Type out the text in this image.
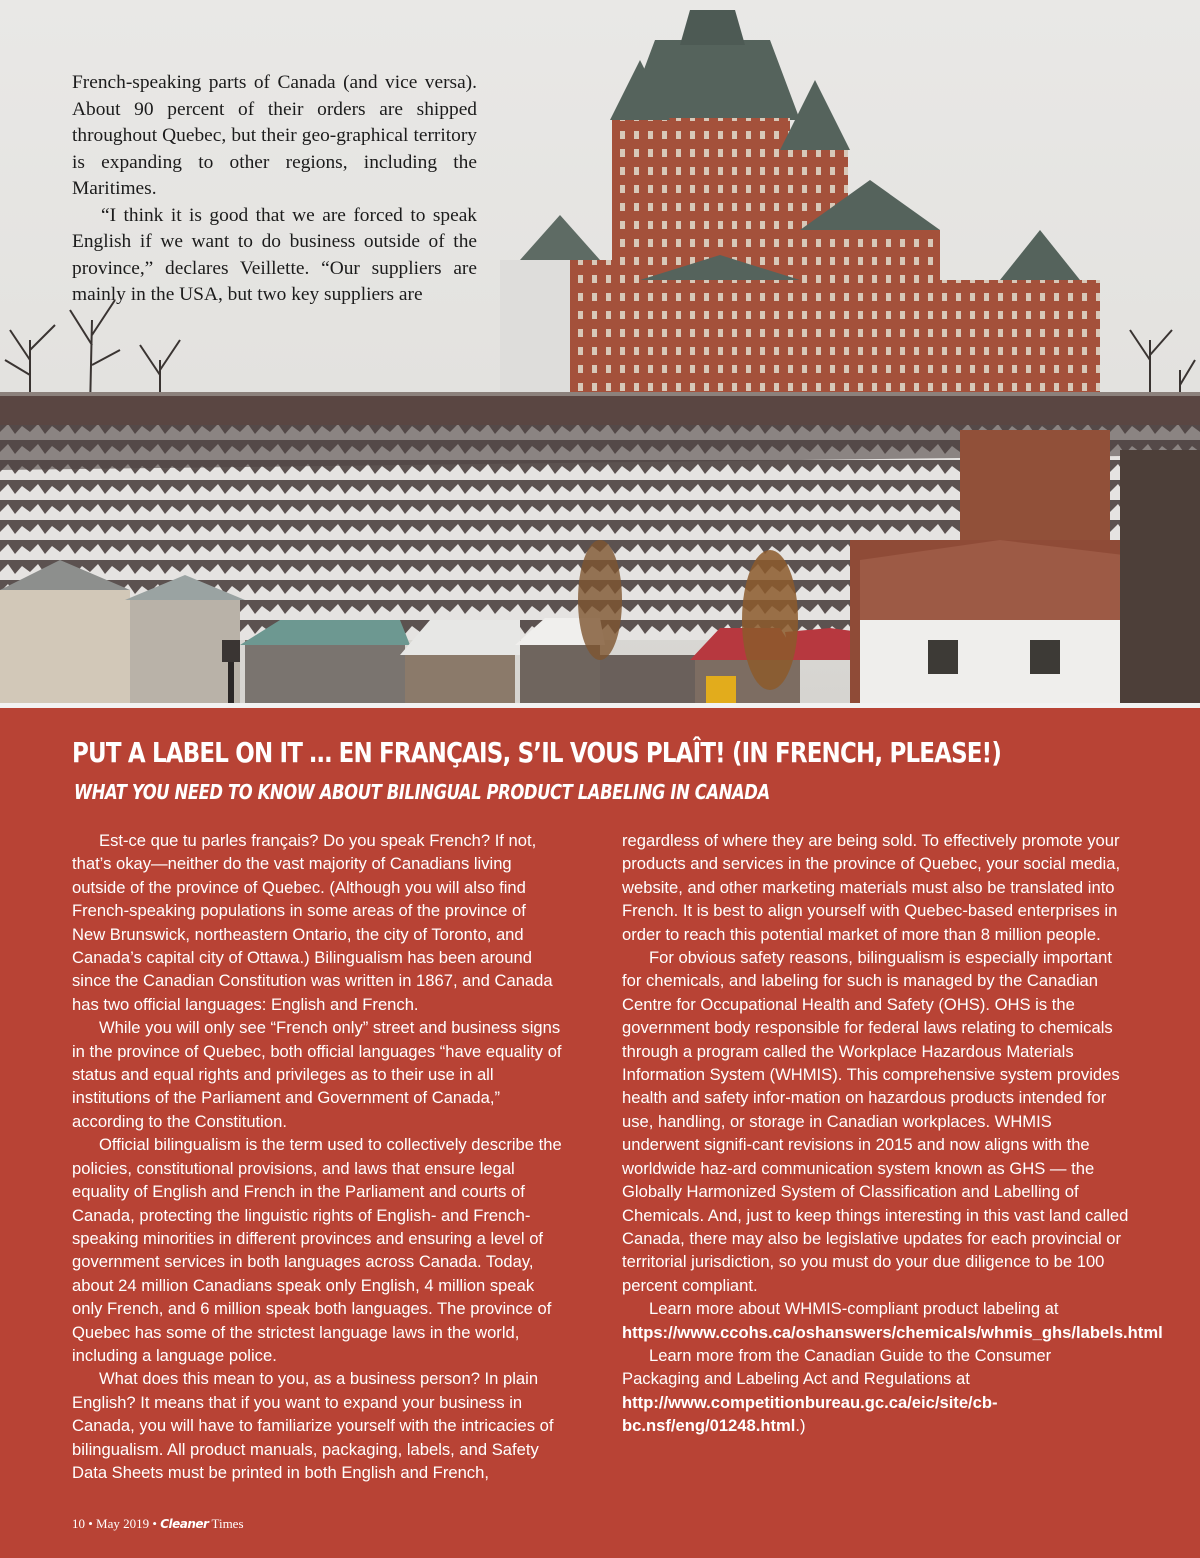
French-speaking parts of Canada (and vice versa). About 90 percent of their orders are shipped throughout Quebec, but their geo-graphical territory is expanding to other regions, including the Maritimes.

“I think it is good that we are forced to speak English if we want to do business outside of the province,” declares Veillette. “Our suppliers are mainly in the USA, but two key suppliers are

PUT A LABEL ON IT … EN FRANÇAIS, S’IL VOUS PLAÎT! (IN FRENCH, PLEASE!)
WHAT YOU NEED TO KNOW ABOUT BILINGUAL PRODUCT LABELING IN CANADA

Est-ce que tu parles français? Do you speak French? If not, that’s okay—neither do the vast majority of Canadians living outside of the province of Quebec. (Although you will also find French-speaking populations in some areas of the province of New Brunswick, northeastern Ontario, the city of Toronto, and Canada’s capital city of Ottawa.) Bilingualism has been around since the Canadian Constitution was written in 1867, and Canada has two official languages: English and French.

While you will only see “French only” street and business signs in the province of Quebec, both official languages “have equality of status and equal rights and privileges as to their use in all institutions of the Parliament and Government of Canada,” according to the Constitution.

Official bilingualism is the term used to collectively describe the policies, constitutional provisions, and laws that ensure legal equality of English and French in the Parliament and courts of Canada, protecting the linguistic rights of English- and French-speaking minorities in different provinces and ensuring a level of government services in both languages across Canada. Today, about 24 million Canadians speak only English, 4 million speak only French, and 6 million speak both languages. The province of Quebec has some of the strictest language laws in the world, including a language police.

What does this mean to you, as a business person? In plain English? It means that if you want to expand your business in Canada, you will have to familiarize yourself with the intricacies of bilingualism. All product manuals, packaging, labels, and Safety Data Sheets must be printed in both English and French,

regardless of where they are being sold. To effectively promote your products and services in the province of Quebec, your social media, website, and other marketing materials must also be translated into French. It is best to align yourself with Quebec-based enterprises in order to reach this potential market of more than 8 million people.

For obvious safety reasons, bilingualism is especially important for chemicals, and labeling for such is managed by the Canadian Centre for Occupational Health and Safety (OHS). OHS is the government body responsible for federal laws relating to chemicals through a program called the Workplace Hazardous Materials Information System (WHMIS). This comprehensive system provides health and safety infor-mation on hazardous products intended for use, handling, or storage in Canadian workplaces. WHMIS underwent signifi-cant revisions in 2015 and now aligns with the worldwide haz-ard communication system known as GHS — the Globally Harmonized System of Classification and Labelling of Chemicals. And, just to keep things interesting in this vast land called Canada, there may also be legislative updates for each provincial or territorial jurisdiction, so you must do your due diligence to be 100 percent compliant.

Learn more about WHMIS-compliant product labeling at
https://www.ccohs.ca/oshanswers/chemicals/whmis_ghs/labels.html

Learn more from the Canadian Guide to the Consumer Packaging and Labeling Act and Regulations at http://www.competitionbureau.gc.ca/eic/site/cb-bc.nsf/eng/01248.html.)

10 • May 2019 • Cleaner Times
